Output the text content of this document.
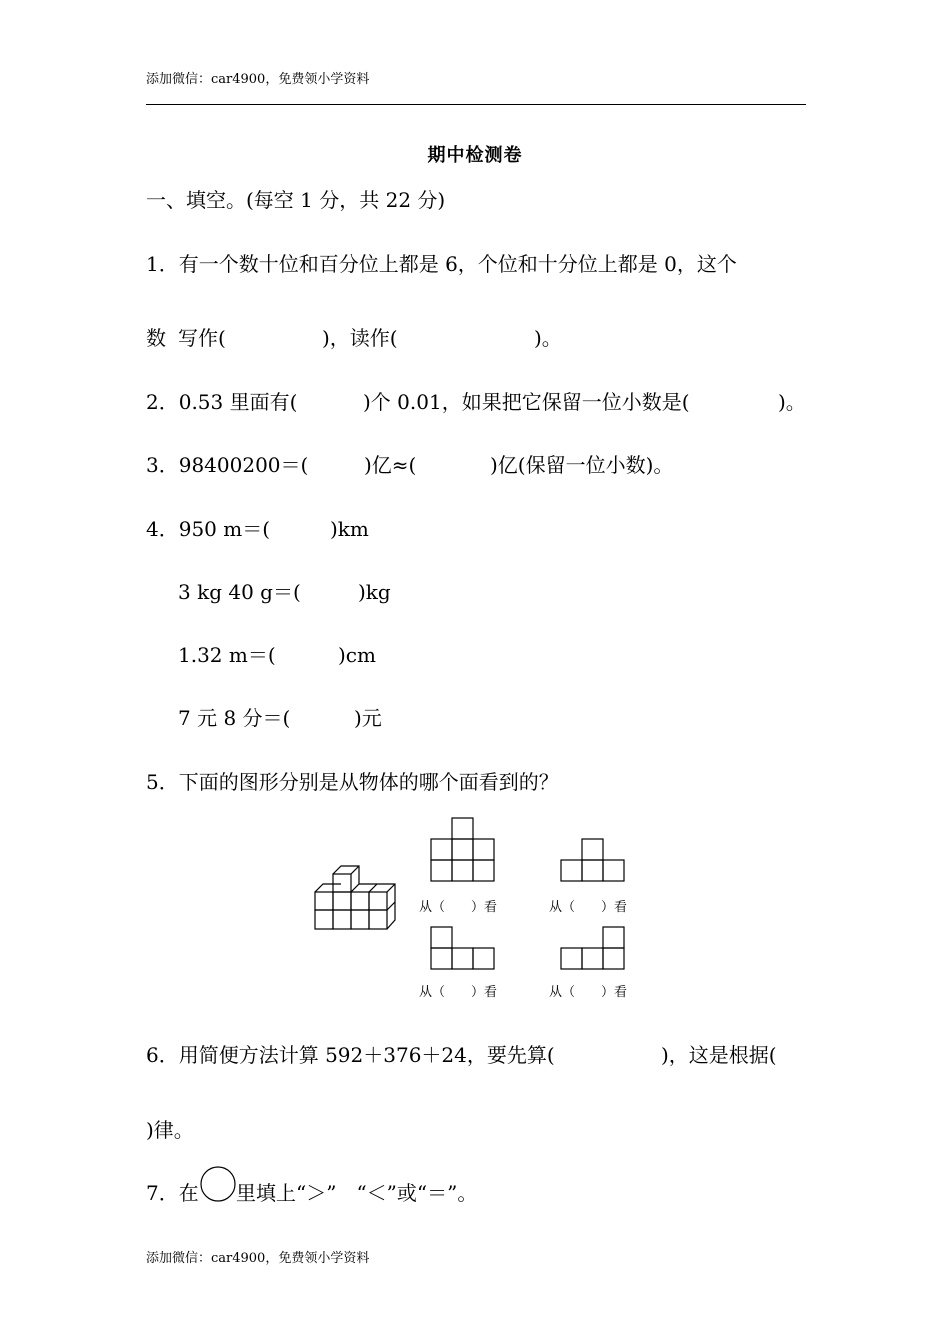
添加微信：car4900，免费领小学资料
期中检测卷
一、填空。(每空 1 分，共 22 分)
1．有一个数十位和百分位上都是 6，个位和十分位上都是 0，这个
数 写作(	)，读作(	)。
2．0.53 里面有(	)个 0.01，如果把它保留一位小数是(	)。
3．98400200＝(	)亿≈(	)亿(保留一位小数)。
4．950 m＝(	)km
3 kg 40 g＝(	)kg
1.32 m＝(	)cm
7 元 8 分＝(	)元
5．下面的图形分别是从物体的哪个面看到的？
从（　　）看	从（　　）看
从（　　）看	从（　　）看
6．用简便方法计算 592＋376＋24，要先算(	)，这是根据(
)律。
7．在 里填上“＞”　“＜”或“＝”。
添加微信：car4900，免费领小学资料
